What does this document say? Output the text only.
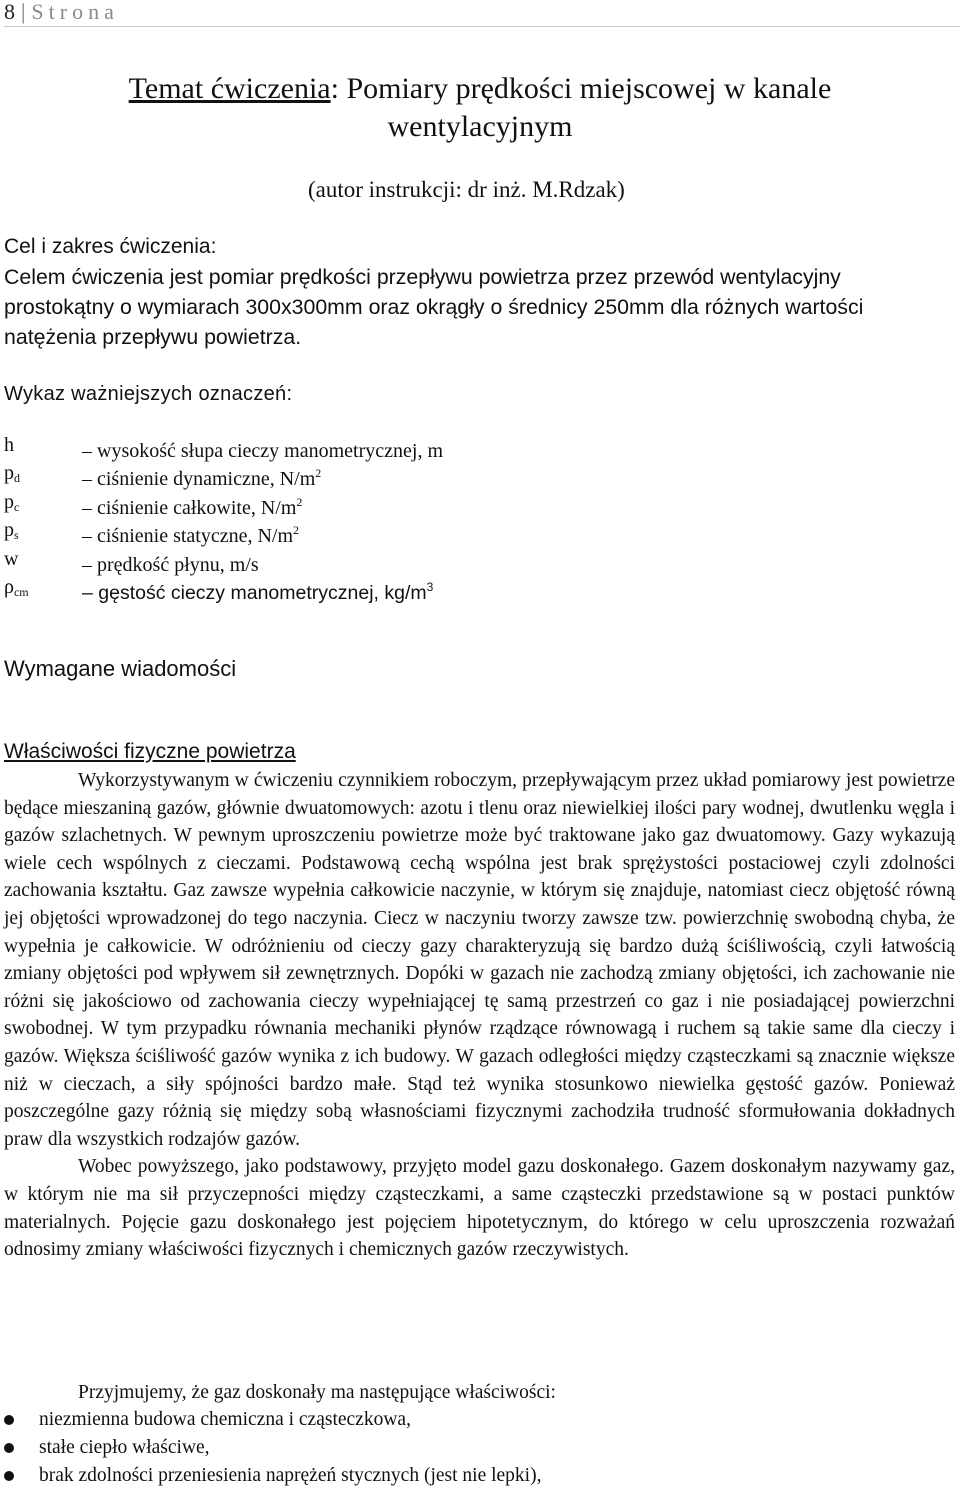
8 | Strona
Temat ćwiczenia: Pomiary prędkości miejscowej w kanale
wentylacyjnym
(autor instrukcji: dr inż. M.Rdzak)
Cel i zakres ćwiczenia:
Celem ćwiczenia jest pomiar prędkości przepływu powietrza przez przewód wentylacyjny
prostokątny o wymiarach 300x300mm oraz okrągły o średnicy 250mm dla różnych wartości
natężenia przepływu powietrza.
Wykaz ważniejszych oznaczeń:
h	– wysokość słupa cieczy manometrycznej, m
$p_d$	– ciśnienie dynamiczne, $N/m^2$
$p_c$	– ciśnienie całkowite, $N/m^2$
$p_s$	– ciśnienie statyczne, $N/m^2$
w	– prędkość płynu, m/s
$\rho_{cm}$	– gęstość cieczy manometrycznej, $kg/m^3$
Wymagane wiadomości
Właściwości fizyczne powietrza

Wykorzystywanym w ćwiczeniu czynnikiem roboczym, przepływającym przez układ pomiarowy jest powietrze będące mieszaniną gazów, głównie dwuatomowych: azotu i tlenu oraz niewielkiej ilości pary wodnej, dwutlenku węgla i gazów szlachetnych. W pewnym uproszczeniu powietrze może być traktowane jako gaz dwuatomowy. Gazy wykazują wiele cech wspólnych z cieczami. Podstawową cechą wspólna jest brak sprężystości postaciowej czyli zdolności zachowania kształtu. Gaz zawsze wypełnia całkowicie naczynie, w którym się znajduje, natomiast ciecz objętość równą jej objętości wprowadzonej do tego naczynia. Ciecz w naczyniu tworzy zawsze tzw. powierzchnię swobodną chyba, że wypełnia je całkowicie. W odróżnieniu od cieczy gazy charakteryzują się bardzo dużą ściśliwością, czyli łatwością zmiany objętości pod wpływem sił zewnętrznych. Dopóki w gazach nie zachodzą zmiany objętości, ich zachowanie nie różni się jakościowo od zachowania cieczy wypełniającej tę samą przestrzeń co gaz i nie posiadającej powierzchni swobodnej. W tym przypadku równania mechaniki płynów rządzące równowagą i ruchem są takie same dla cieczy i gazów. Większa ściśliwość gazów wynika z ich budowy. W gazach odległości między cząsteczkami są znacznie większe niż w cieczach, a siły spójności bardzo małe. Stąd też wynika stosunkowo niewielka gęstość gazów. Ponieważ poszczególne gazy różnią się między sobą własnościami fizycznymi zachodziła trudność sformułowania dokładnych praw dla wszystkich rodzajów gazów.

Wobec powyższego, jako podstawowy, przyjęto model gazu doskonałego. Gazem doskonałym nazywamy gaz, w którym nie ma sił przyczepności między cząsteczkami, a same cząsteczki przedstawione są w postaci punktów materialnych. Pojęcie gazu doskonałego jest pojęciem hipotetycznym, do którego w celu uproszczenia rozważań odnosimy zmiany właściwości fizycznych i chemicznych gazów rzeczywistych.

Przyjmujemy, że gaz doskonały ma następujące właściwości:
niezmienna budowa chemiczna i cząsteczkowa,
stałe ciepło właściwe,
brak zdolności przeniesienia naprężeń stycznych (jest nie lepki),
